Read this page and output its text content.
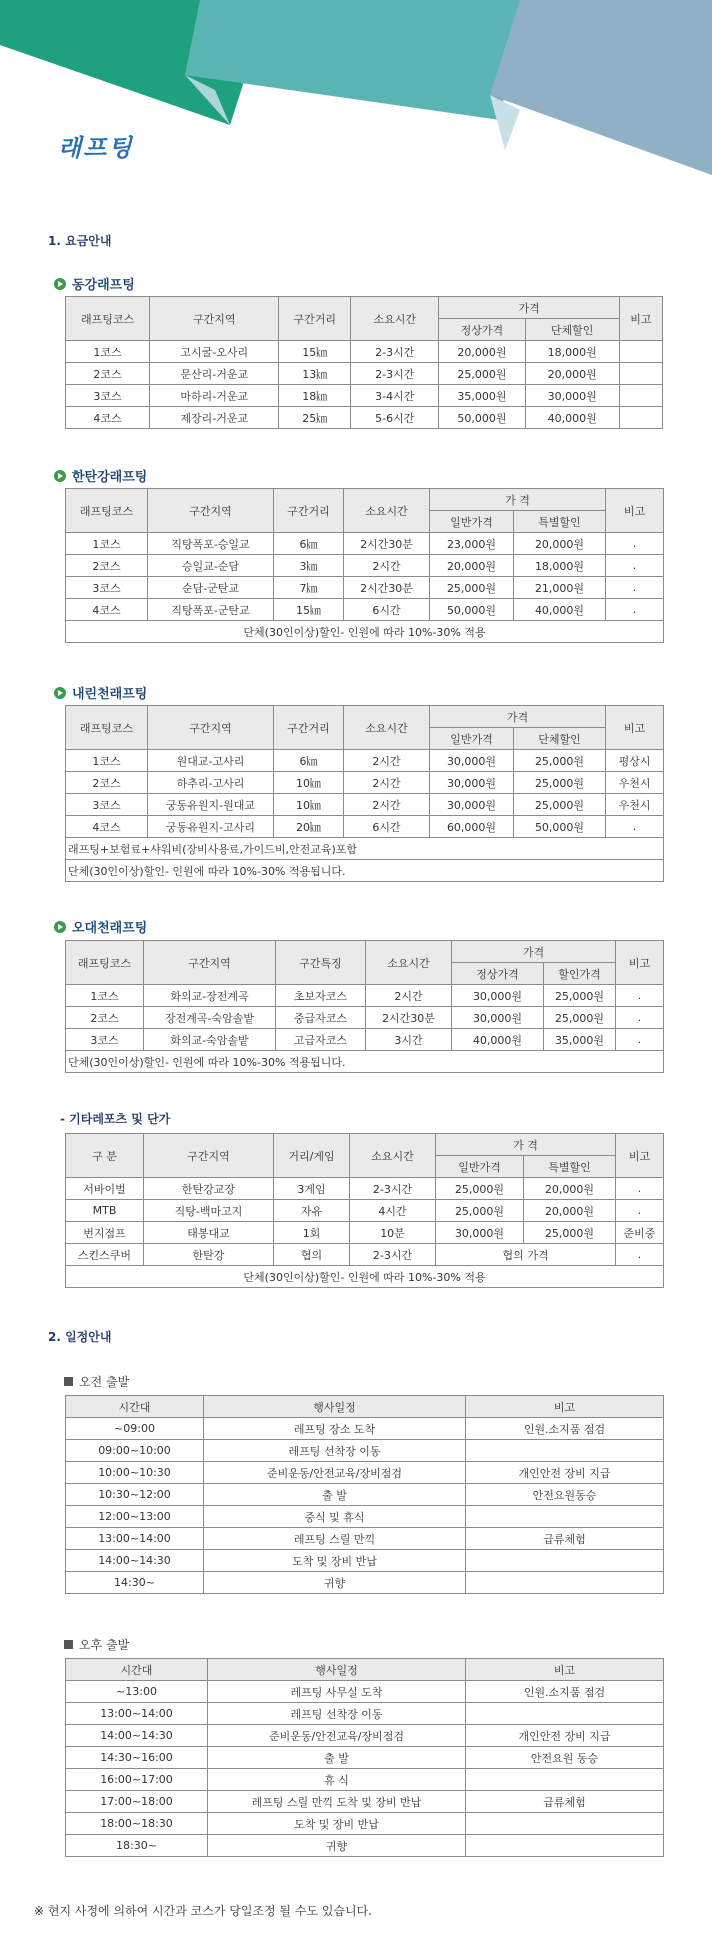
래프팅
1. 요금안내
동강래프팅
래프팅코스	구간지역	구간거리	소요시간	가격		비고
				정상가격	단체할인	
1코스	고시굴-오사리	15㎞	2-3시간	20,000원	18,000원	
2코스	문산리-거운교	13㎞	2-3시간	25,000원	20,000원	
3코스	마하리-거운교	18㎞	3-4시간	35,000원	30,000원	
4코스	제장리-거운교	25㎞	5-6시간	50,000원	40,000원	
한탄강래프팅
래프팅코스	구간지역	구간거리	소요시간	가 격		비고
				일반가격	특별할인	
1코스	직탕폭포-승일교	6㎞	2시간30분	23,000원	20,000원	.
2코스	승일교-순담	3㎞	2시간	20,000원	18,000원	.
3코스	순담-군탄교	7㎞	2시간30분	25,000원	21,000원	.
4코스	직탕폭포-군탄교	15㎞	6시간	50,000원	40,000원	.
단체(30인이상)할인- 인원에 따라 10%-30% 적용						
내린천래프팅
래프팅코스	구간지역	구간거리	소요시간	가격		비고
				일반가격	단체할인	
1코스	원대교-고사리	6㎞	2시간	30,000원	25,000원	평상시
2코스	하추리-고사리	10㎞	2시간	30,000원	25,000원	우천시
3코스	궁동유원지-원대교	10㎞	2시간	30,000원	25,000원	우천시
4코스	궁동유원지-고사리	20㎞	6시간	60,000원	50,000원	.
래프팅+보험료+샤워비(장비사용료,가이드비,안전교육)포함						
단체(30인이상)할인- 인원에 따라 10%-30% 적용됩니다.						
오대천래프팅
래프팅코스	구간지역	구간특징	소요시간	가격		비고
				정상가격	할인가격	
1코스	화의교-장전계곡	초보자코스	2시간	30,000원	25,000원	.
2코스	장전계곡-숙암솔밭	중급자코스	2시간30분	30,000원	25,000원	.
3코스	화의교-숙암솔밭	고급자코스	3시간	40,000원	35,000원	.
단체(30인이상)할인- 인원에 따라 10%-30% 적용됩니다.						
- 기타레포츠 및 단가
구 분	구간지역	거리/게임	소요시간	가 격		비고
				일반가격	특별할인	
서바이벌	한탄강교장	3게임	2-3시간	25,000원	20,000원	.
MTB	직탕-백마고지	자유	4시간	25,000원	20,000원	.
번지점프	태봉대교	1회	10분	30,000원	25,000원	준비중
스킨스쿠버	한탄강	협의	2-3시간	협의 가격		.
단체(30인이상)할인- 인원에 따라 10%-30% 적용						
2. 일정안내
오전 출발
시간대	행사일정	비고
~09:00	레프팅 장소 도착	인원.소지품 점검
09:00~10:00	레프팅 선착장 이동	
10:00~10:30	준비운동/안전교육/장비점검	개인안전 장비 지급
10:30~12:00	출 발	안전요원동승
12:00~13:00	중식 및 휴식	
13:00~14:00	레프팅 스릴 만끽	급류체험
14:00~14:30	도착 및 장비 반납	
14:30~	귀향	
오후 출발
시간대	행사일정	비고
~13:00	레프팅 사무실 도착	인원.소지품 점검
13:00~14:00	레프팅 선착장 이동	
14:00~14:30	준비운동/안전교육/장비점검	개인안전 장비 지급
14:30~16:00	출 발	안전요원 동승
16:00~17:00	휴 식	
17:00~18:00	레프팅 스릴 만끽 도착 및 장비 반납	급류체험
18:00~18:30	도착 및 장비 반납	
18:30~	귀향	
※ 현지 사정에 의하여 시간과 코스가 당일조정 될 수도 있습니다.
